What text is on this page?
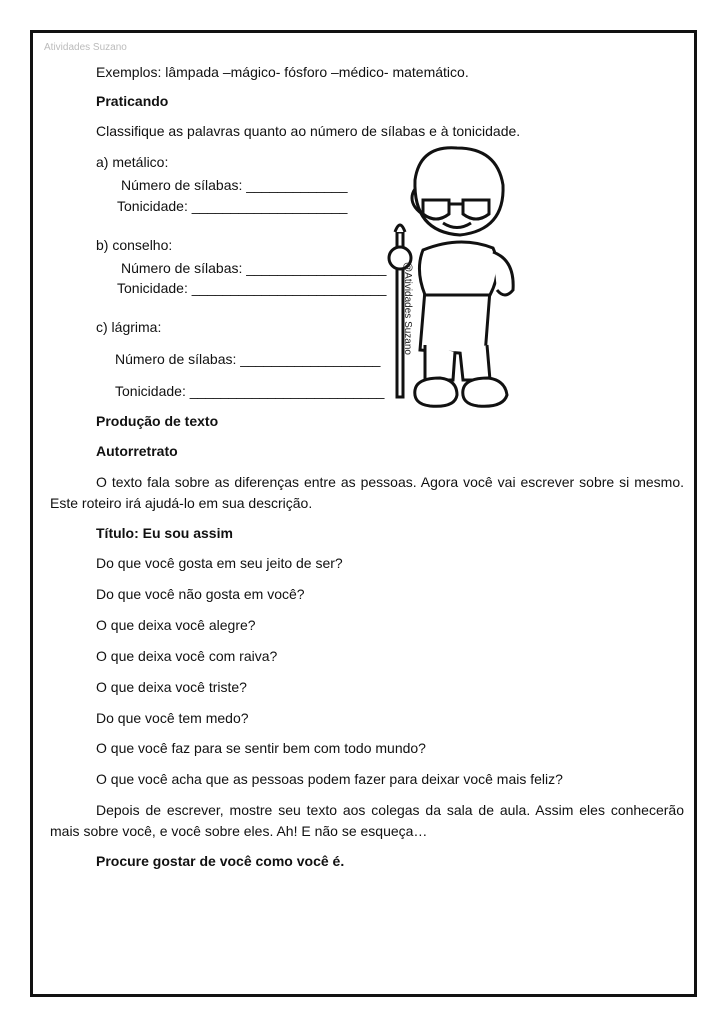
Atividades Suzano
Exemplos: lâmpada –mágico- fósforo –médico- matemático.
Praticando
Classifique as palavras quanto ao número de sílabas e à tonicidade.
a) metálico:
Número de sílabas: _____________
Tonicidade: ____________________
b) conselho:
Número de sílabas: __________________
Tonicidade: _________________________
c) lágrima:
Número de sílabas: __________________
Tonicidade: _________________________
@Atividades Suzano
Produção de texto
Autorretrato
O texto fala sobre as diferenças entre as pessoas. Agora você vai escrever sobre si mesmo. Este roteiro irá ajudá-lo em sua descrição.
Título: Eu sou assim
Do que você gosta em seu jeito de ser?
Do que você não gosta em você?
O que deixa você alegre?
O que deixa você com raiva?
O que deixa você triste?
Do que você tem medo?
O que você faz para se sentir bem com todo mundo?
O que você acha que as pessoas podem fazer para deixar você mais feliz?
Depois de escrever, mostre seu texto aos colegas da sala de aula. Assim eles conhecerão mais sobre você, e você sobre eles. Ah! E não se esqueça…
Procure gostar de você como você é.
